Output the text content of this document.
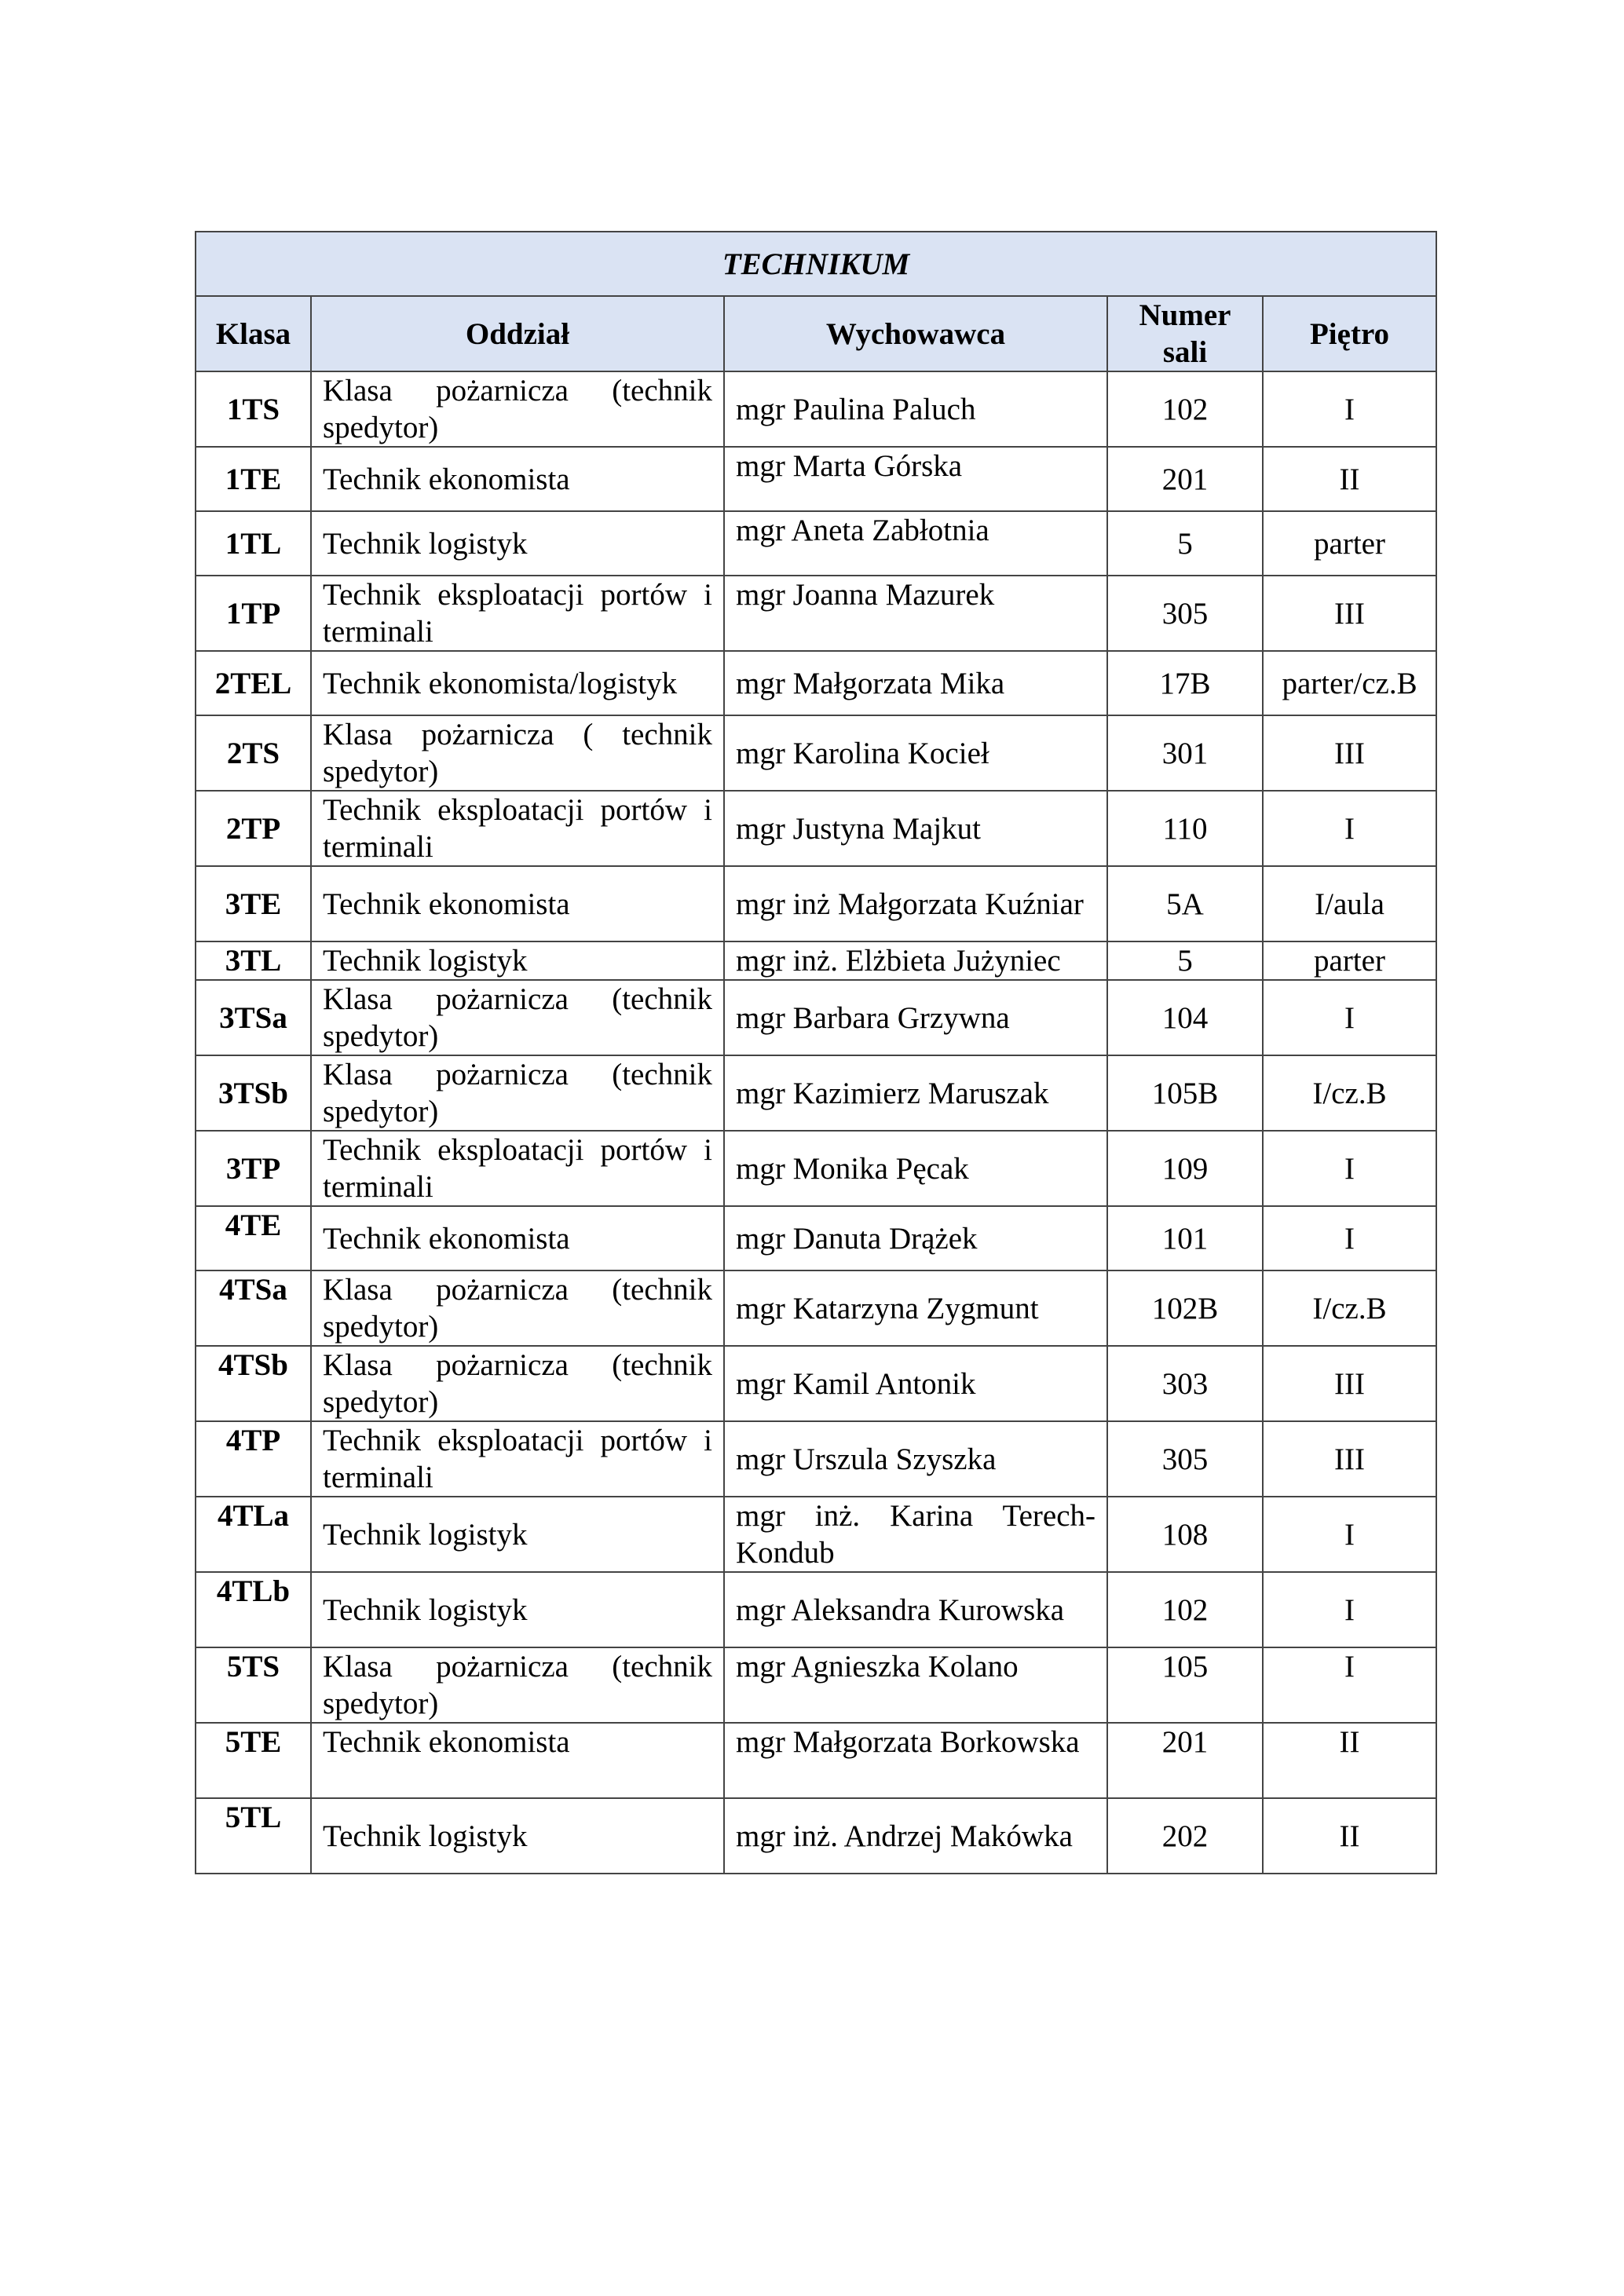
TECHNIKUM				
Klasa	Oddział	Wychowawca	Numer sali	Piętro
1TS	Klasa pożarnicza (technik spedytor)	mgr Paulina Paluch	102	I
1TE	Technik ekonomista	mgr Marta Górska	201	II
1TL	Technik logistyk	mgr Aneta Zabłotnia	5	parter
1TP	Technik eksploatacji portów i terminali	mgr Joanna Mazurek	305	III
2TEL	Technik ekonomista/logistyk	mgr Małgorzata Mika	17B	parter/cz.B
2TS	Klasa pożarnicza ( technik spedytor)	mgr Karolina Kocieł	301	III
2TP	Technik eksploatacji portów i terminali	mgr Justyna Majkut	110	I
3TE	Technik ekonomista	mgr inż Małgorzata Kuźniar	5A	I/aula
3TL	Technik logistyk	mgr inż. Elżbieta Jużyniec	5	parter
3TSa	Klasa pożarnicza (technik spedytor)	mgr Barbara Grzywna	104	I
3TSb	Klasa pożarnicza (technik spedytor)	mgr Kazimierz Maruszak	105B	I/cz.B
3TP	Technik eksploatacji portów i terminali	mgr Monika Pęcak	109	I
4TE	Technik ekonomista	mgr Danuta Drążek	101	I
4TSa	Klasa pożarnicza (technik spedytor)	mgr Katarzyna Zygmunt	102B	I/cz.B
4TSb	Klasa pożarnicza (technik spedytor)	mgr Kamil Antonik	303	III
4TP	Technik eksploatacji portów i terminali	mgr Urszula Szyszka	305	III
4TLa	Technik logistyk	mgr inż. Karina Terech-Kondub	108	I
4TLb	Technik logistyk	mgr Aleksandra Kurowska	102	I
5TS	Klasa pożarnicza (technik spedytor)	mgr Agnieszka Kolano	105	I
5TE	Technik ekonomista	mgr Małgorzata Borkowska	201	II
5TL	Technik logistyk	mgr inż. Andrzej Makówka	202	II
